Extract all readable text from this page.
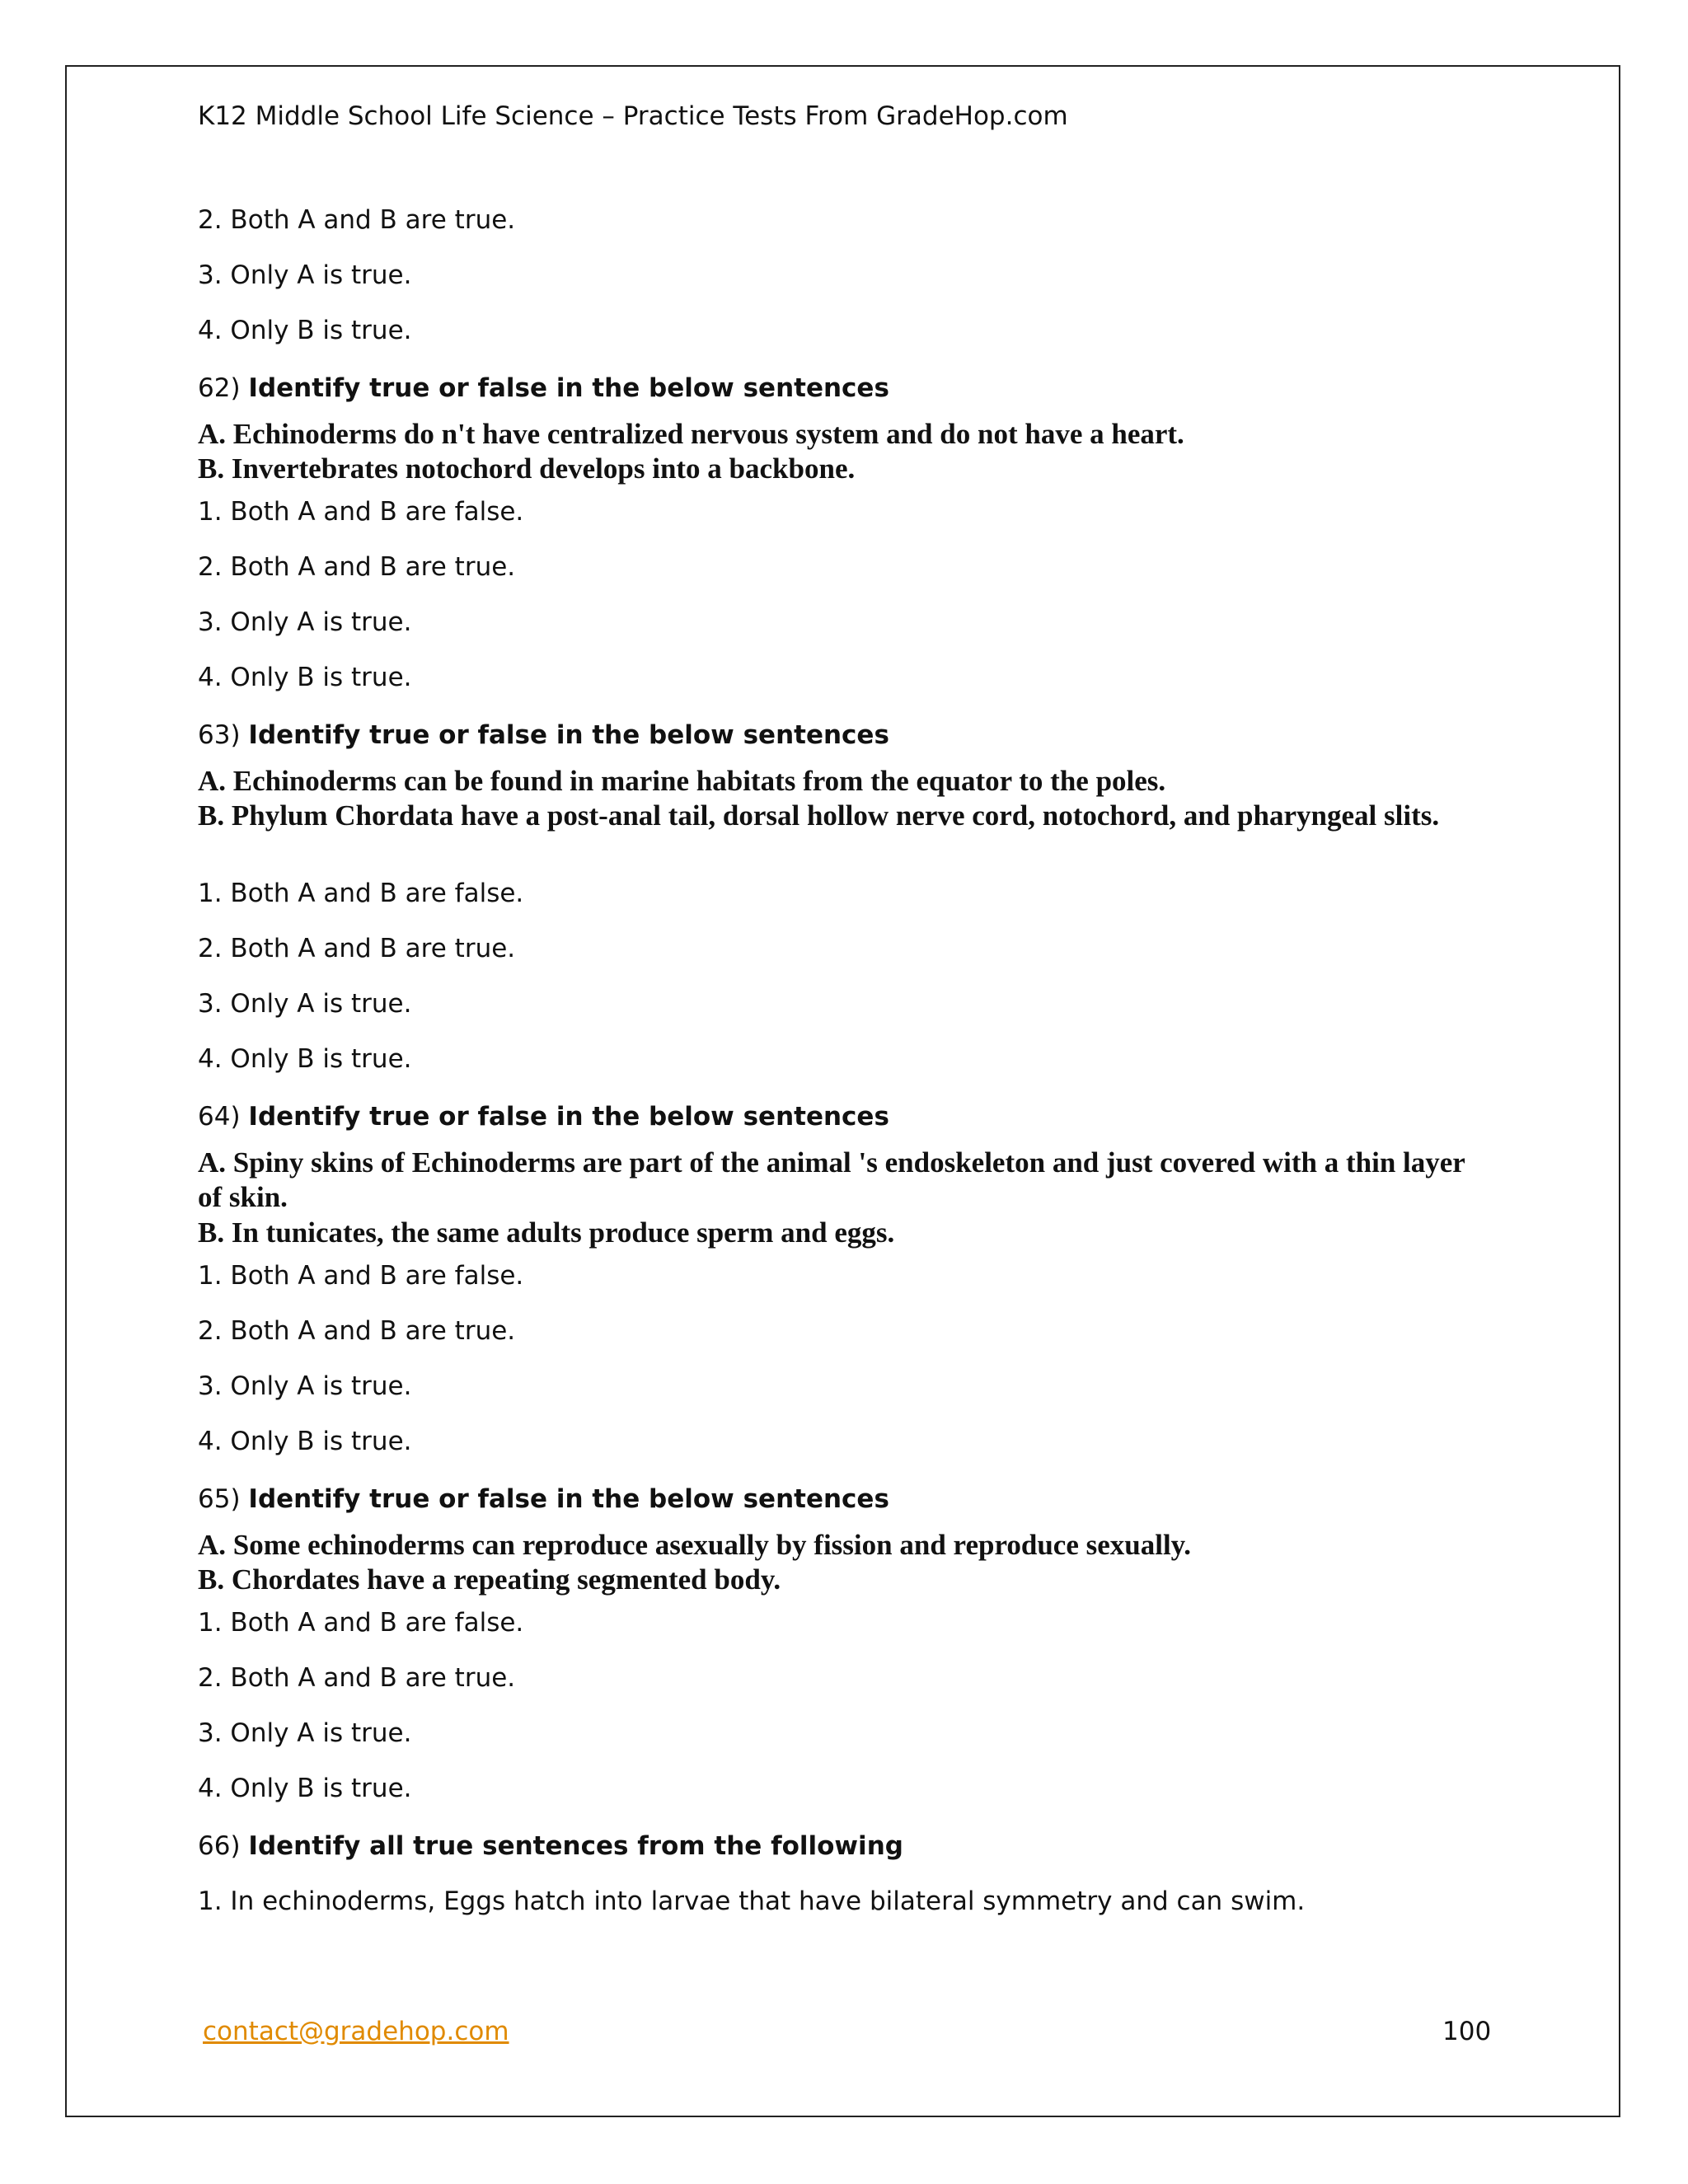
K12 Middle School Life Science – Practice Tests From GradeHop.com
2. Both A and B are true.
3. Only A is true.
4. Only B is true.
62) Identify true or false in the below sentences
A. Echinoderms do n't have centralized nervous system and do not have a heart.
B. Invertebrates notochord develops into a backbone.
1. Both A and B are false.
2. Both A and B are true.
3. Only A is true.
4. Only B is true.
63) Identify true or false in the below sentences
A. Echinoderms can be found in marine habitats from the equator to the poles.
B. Phylum Chordata have a post-anal tail, dorsal hollow nerve cord, notochord, and pharyngeal slits.
1. Both A and B are false.
2. Both A and B are true.
3. Only A is true.
4. Only B is true.
64) Identify true or false in the below sentences
A. Spiny skins of Echinoderms are part of the animal 's endoskeleton and just covered with a thin layer of skin.
B. In tunicates, the same adults produce sperm and eggs.
1. Both A and B are false.
2. Both A and B are true.
3. Only A is true.
4. Only B is true.
65) Identify true or false in the below sentences
A. Some echinoderms can reproduce asexually by fission and reproduce sexually.
B. Chordates have a repeating segmented body.
1. Both A and B are false.
2. Both A and B are true.
3. Only A is true.
4. Only B is true.
66) Identify all true sentences from the following
1. In echinoderms, Eggs hatch into larvae that have bilateral symmetry and can swim.
contact@gradehop.com	100
